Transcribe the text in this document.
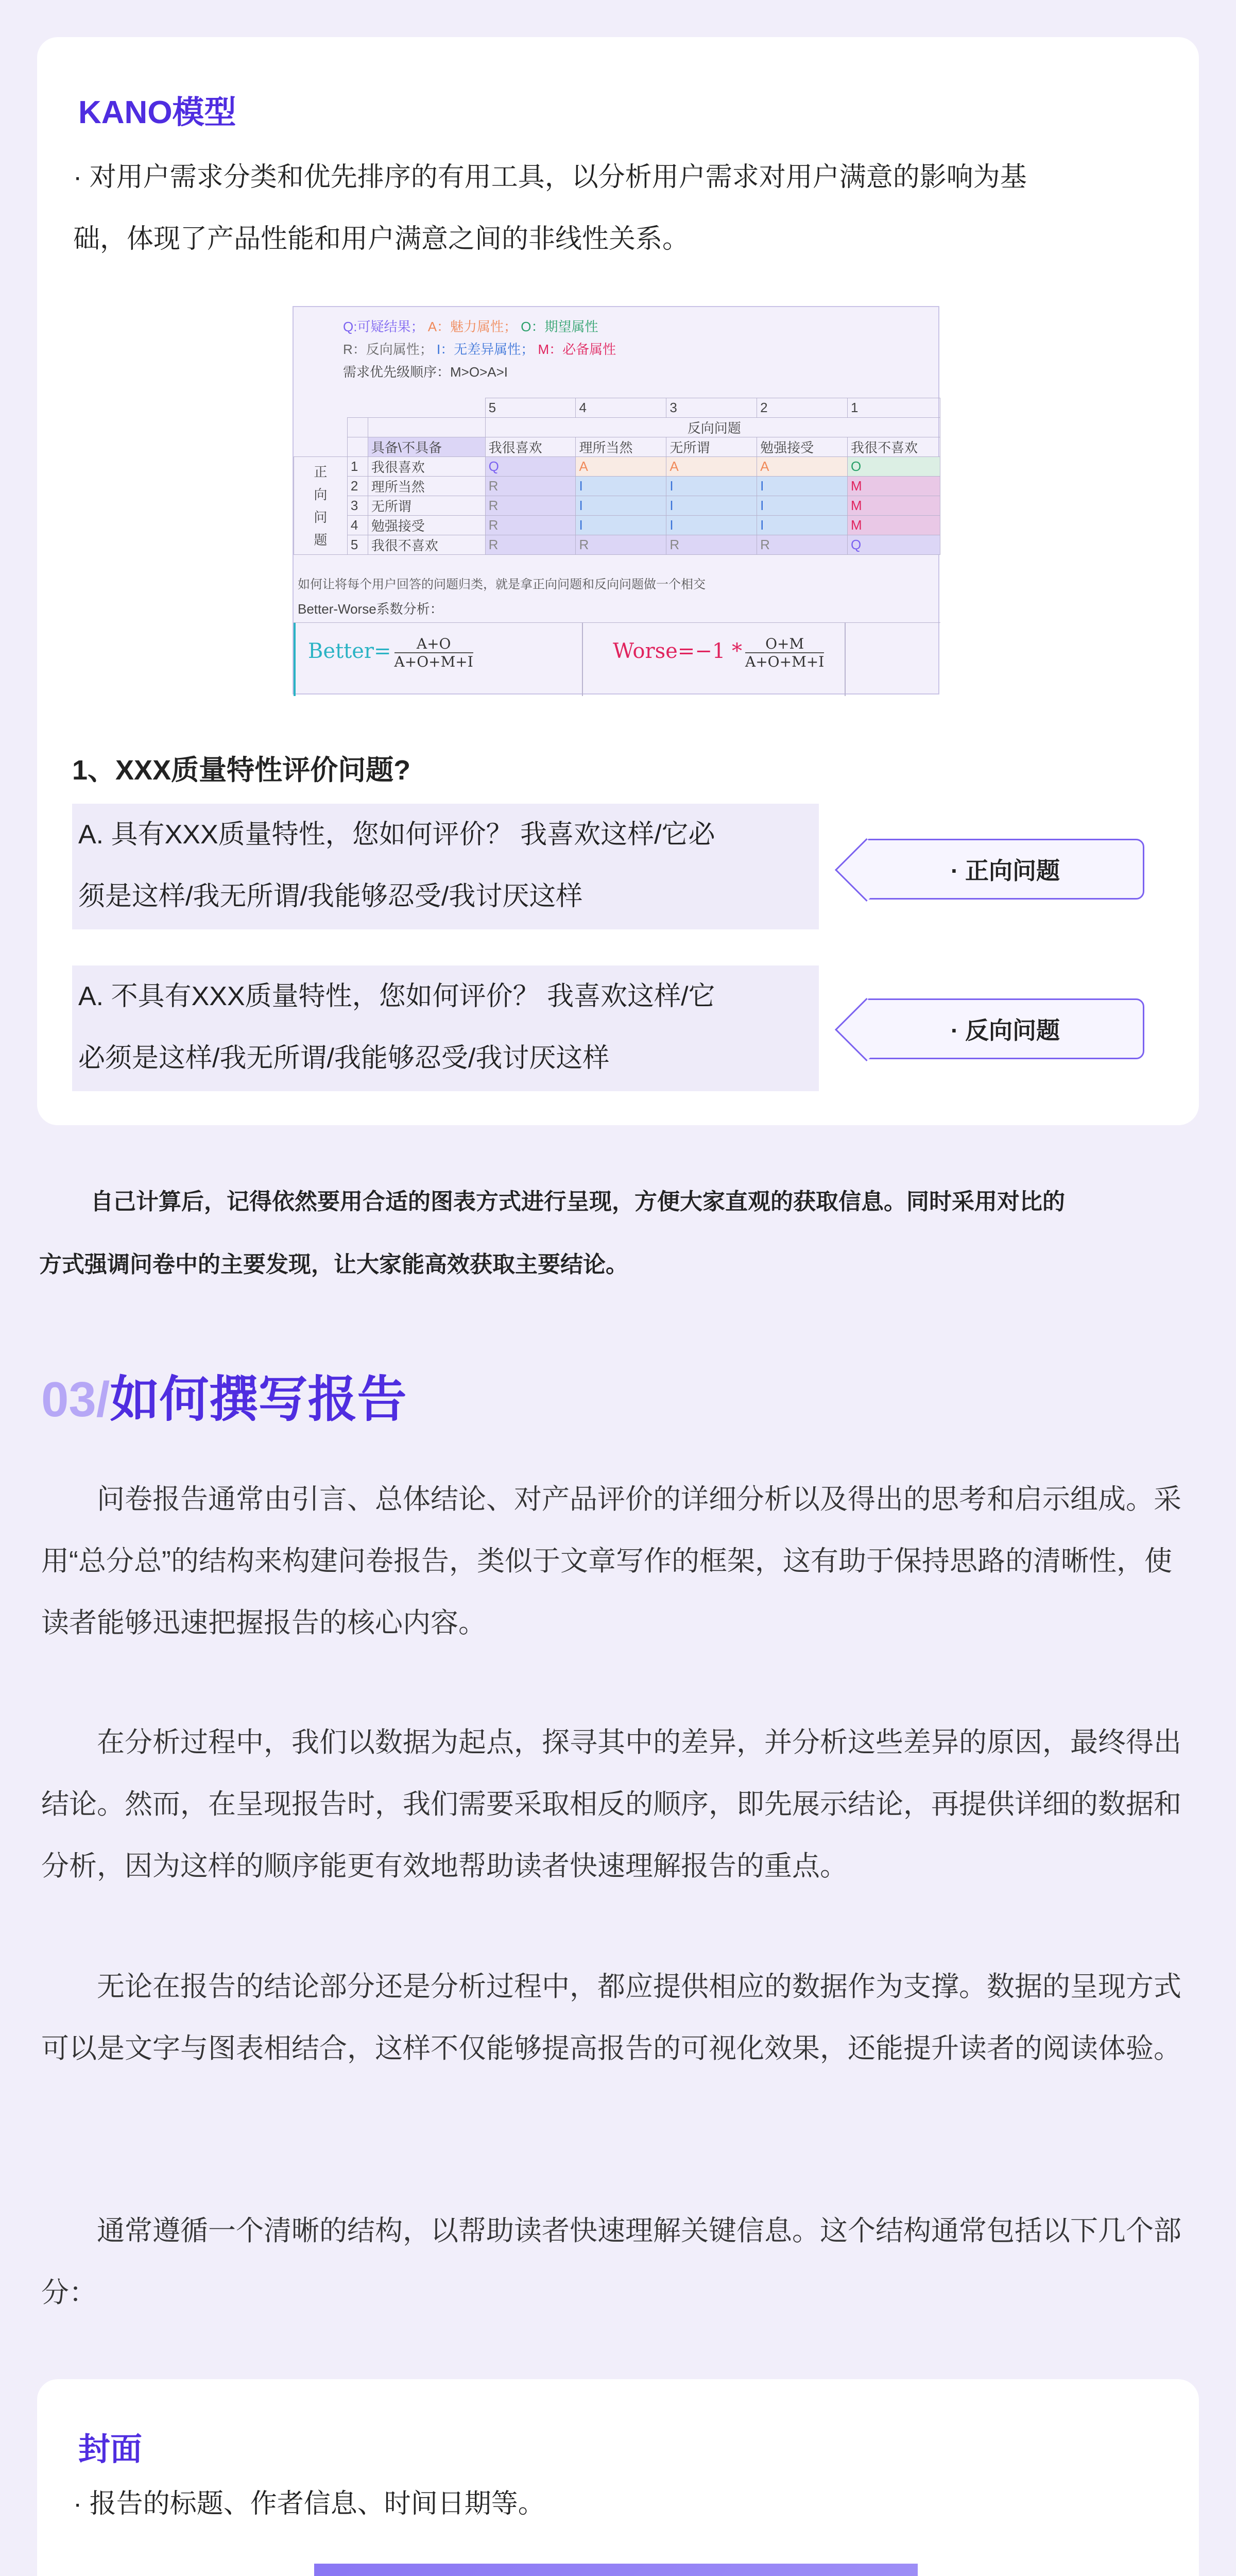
KANO模型
· 对用户需求分类和优先排序的有用工具，以分析用户需求对用户满意的影响为基
础，体现了产品性能和用户满意之间的非线性关系。
Q:可疑结果； A：魅力属性； O：期望属性
R：反向属性； I：无差异属性； M：必备属性
需求优先级顺序：M>O>A>I
			5	4	3	2	1
			反向问题				
		具备\不具备	我很喜欢	理所当然	无所谓	勉强接受	我很不喜欢
正
向
问
题	1	我很喜欢	Q	A	A	A	O
	2	理所当然	R	I	I	I	M
	3	无所谓	R	I	I	I	M
	4	勉强接受	R	I	I	I	M
	5	我很不喜欢	R	R	R	R	Q
如何让将每个用户回答的问题归类，就是拿正向问题和反向问题做一个相交
Better-Worse系数分析：
Better= $\frac{A+O}{A+O+M+I}$	Worse=−1 * $\frac{O+M}{A+O+M+I}$
1、XXX质量特性评价问题?
A. 具有XXX质量特性，您如何评价？ 我喜欢这样/它必
须是这样/我无所谓/我能够忍受/我讨厌这样
A. 不具有XXX质量特性，您如何评价？ 我喜欢这样/它
必须是这样/我无所谓/我能够忍受/我讨厌这样
· 正向问题
· 反向问题
自己计算后，记得依然要用合适的图表方式进行呈现，方便大家直观的获取信息。同时采用对比的
方式强调问卷中的主要发现，让大家能高效获取主要结论。
03/如何撰写报告
问卷报告通常由引言、总体结论、对产品评价的详细分析以及得出的思考和启示组成。采用“总分总”的结构来构建问卷报告，类似于文章写作的框架，这有助于保持思路的清晰性，使读者能够迅速把握报告的核心内容。
在分析过程中，我们以数据为起点，探寻其中的差异，并分析这些差异的原因，最终得出结论。然而，在呈现报告时，我们需要采取相反的顺序，即先展示结论，再提供详细的数据和分析，因为这样的顺序能更有效地帮助读者快速理解报告的重点。
无论在报告的结论部分还是分析过程中，都应提供相应的数据作为支撑。数据的呈现方式可以是文字与图表相结合，这样不仅能够提高报告的可视化效果，还能提升读者的阅读体验。
通常遵循一个清晰的结构，以帮助读者快速理解关键信息。这个结构通常包括以下几个部分：
封面
· 报告的标题、作者信息、时间日期等。
